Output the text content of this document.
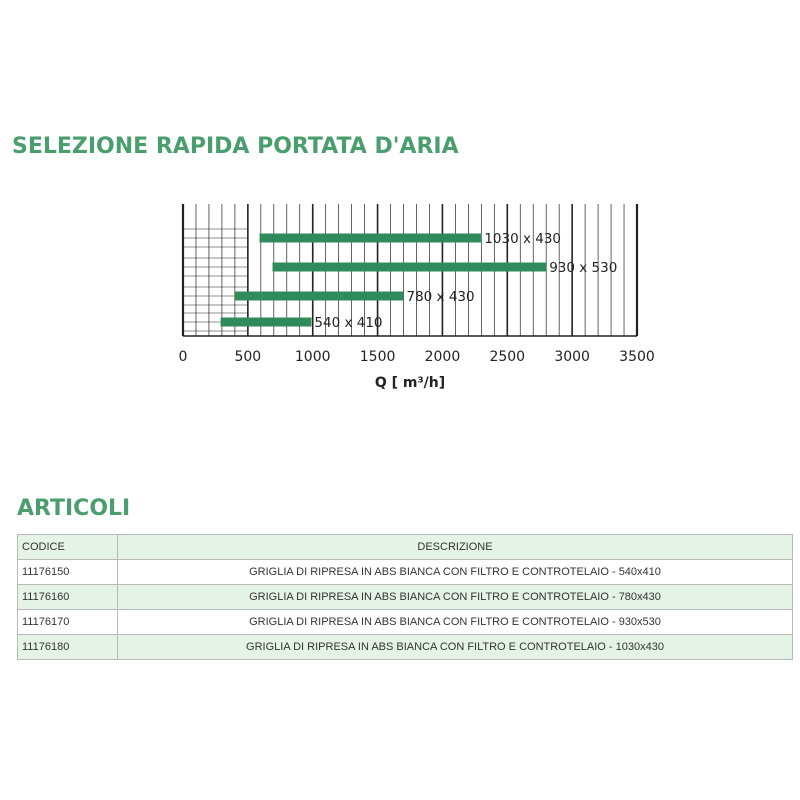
SELEZIONE RAPIDA PORTATA D'ARIA
1030 x 430
930 x 530
780 x 430
540 x 410
0	500 1000 1500 2000 2500 3000 3500
Q [ m³/h]
ARTICOLI
CODICE	DESCRIZIONE
11176150	GRIGLIA DI RIPRESA IN ABS BIANCA CON FILTRO E CONTROTELAIO - 540x410
11176160	GRIGLIA DI RIPRESA IN ABS BIANCA CON FILTRO E CONTROTELAIO - 780x430
11176170	GRIGLIA DI RIPRESA IN ABS BIANCA CON FILTRO E CONTROTELAIO - 930x530
11176180	GRIGLIA DI RIPRESA IN ABS BIANCA CON FILTRO E CONTROTELAIO - 1030x430
